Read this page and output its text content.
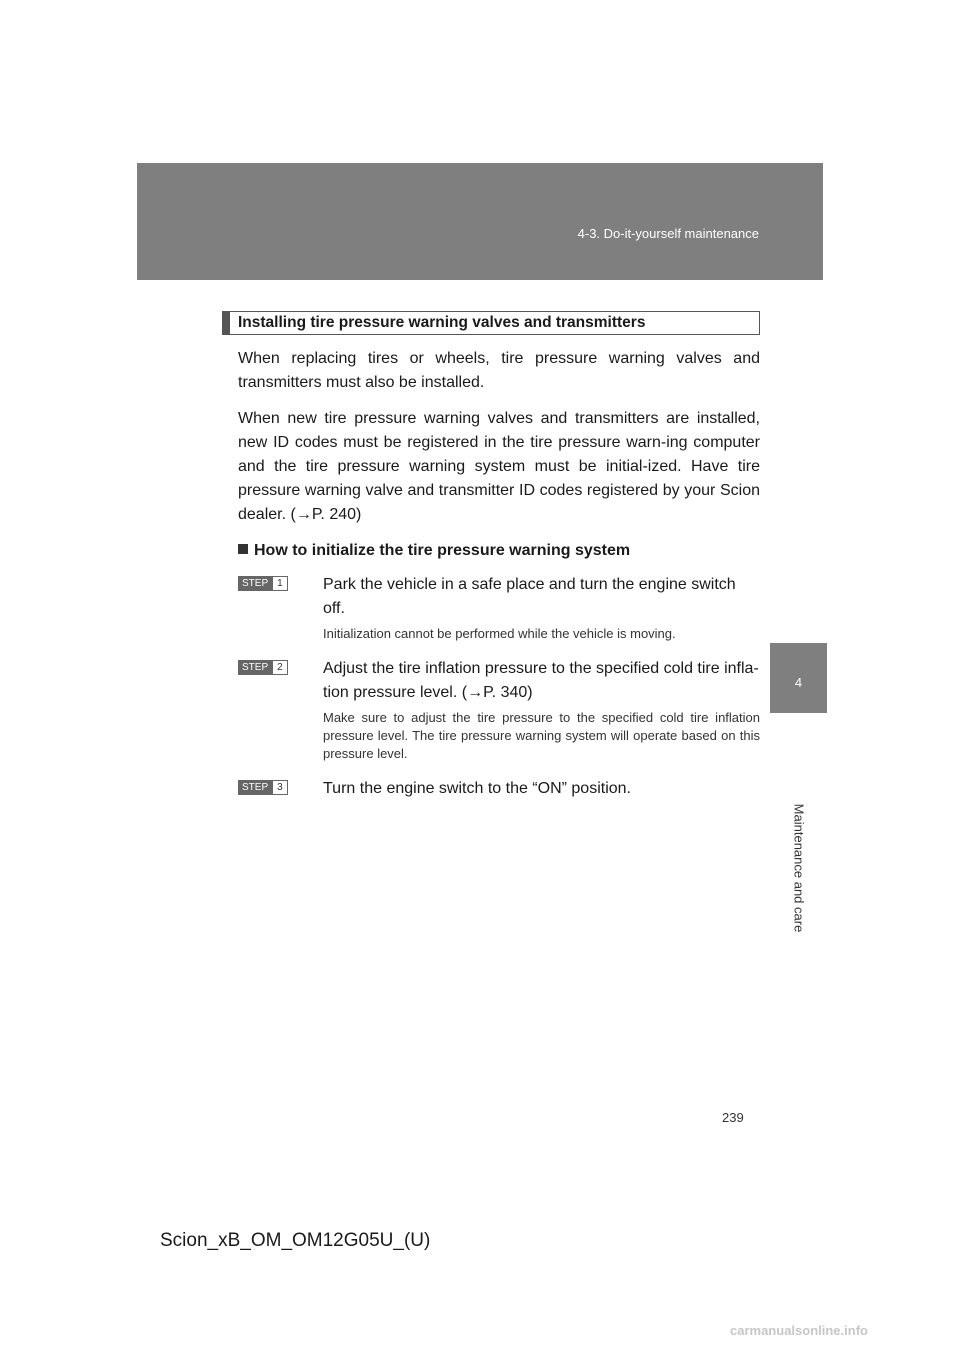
4-3. Do-it-yourself maintenance
4
Maintenance and care
Installing tire pressure warning valves and transmitters

When replacing tires or wheels, tire pressure warning valves and transmitters must also be installed.

When new tire pressure warning valves and transmitters are installed, new ID codes must be registered in the tire pressure warn-ing computer and the tire pressure warning system must be initial-ized. Have tire pressure warning valve and transmitter ID codes registered by your Scion dealer. (→P. 240)

How to initialize the tire pressure warning system
STEP 1	Park the vehicle in a safe place and turn the engine switch off.
Initialization cannot be performed while the vehicle is moving.
STEP 2	Adjust the tire inflation pressure to the specified cold tire infla-tion pressure level. (→P. 340)
Make sure to adjust the tire pressure to the specified cold tire inflation pressure level. The tire pressure warning system will operate based on this pressure level.
STEP 3	Turn the engine switch to the “ON” position.
239
Scion_xB_OM_OM12G05U_(U)
carmanualsonline.info
